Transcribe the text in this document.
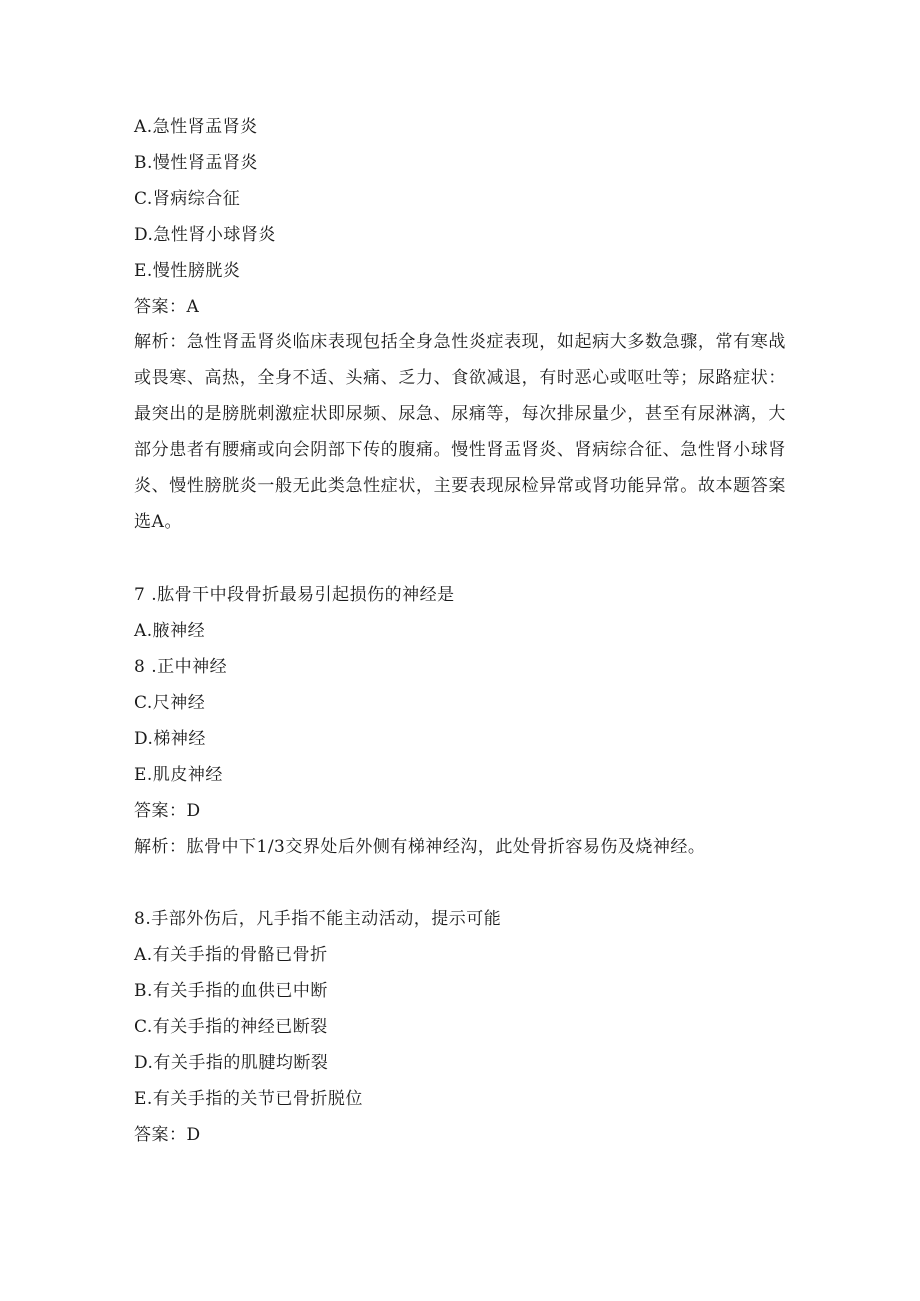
A.急性肾盂肾炎
B.慢性肾盂肾炎
C.肾病综合征
D.急性肾小球肾炎
E.慢性膀胱炎
答案：A
解析：急性肾盂肾炎临床表现包括全身急性炎症表现，如起病大多数急骤，常有寒战或畏寒、高热，全身不适、头痛、乏力、食欲减退，有时恶心或呕吐等；尿路症状：最突出的是膀胱刺激症状即尿频、尿急、尿痛等，每次排尿量少，甚至有尿淋漓，大部分患者有腰痛或向会阴部下传的腹痛。慢性肾盂肾炎、肾病综合征、急性肾小球肾炎、慢性膀胱炎一般无此类急性症状，主要表现尿检异常或肾功能异常。故本题答案选A。
7 .肱骨干中段骨折最易引起损伤的神经是
A.腋神经
8 .正中神经
C.尺神经
D.梯神经
E.肌皮神经
答案：D
解析：肱骨中下1/3交界处后外侧有梯神经沟，此处骨折容易伤及烧神经。
8.手部外伤后，凡手指不能主动活动，提示可能
A.有关手指的骨骼已骨折
B.有关手指的血供已中断
C.有关手指的神经已断裂
D.有关手指的肌腱均断裂
E.有关手指的关节已骨折脱位
答案：D
